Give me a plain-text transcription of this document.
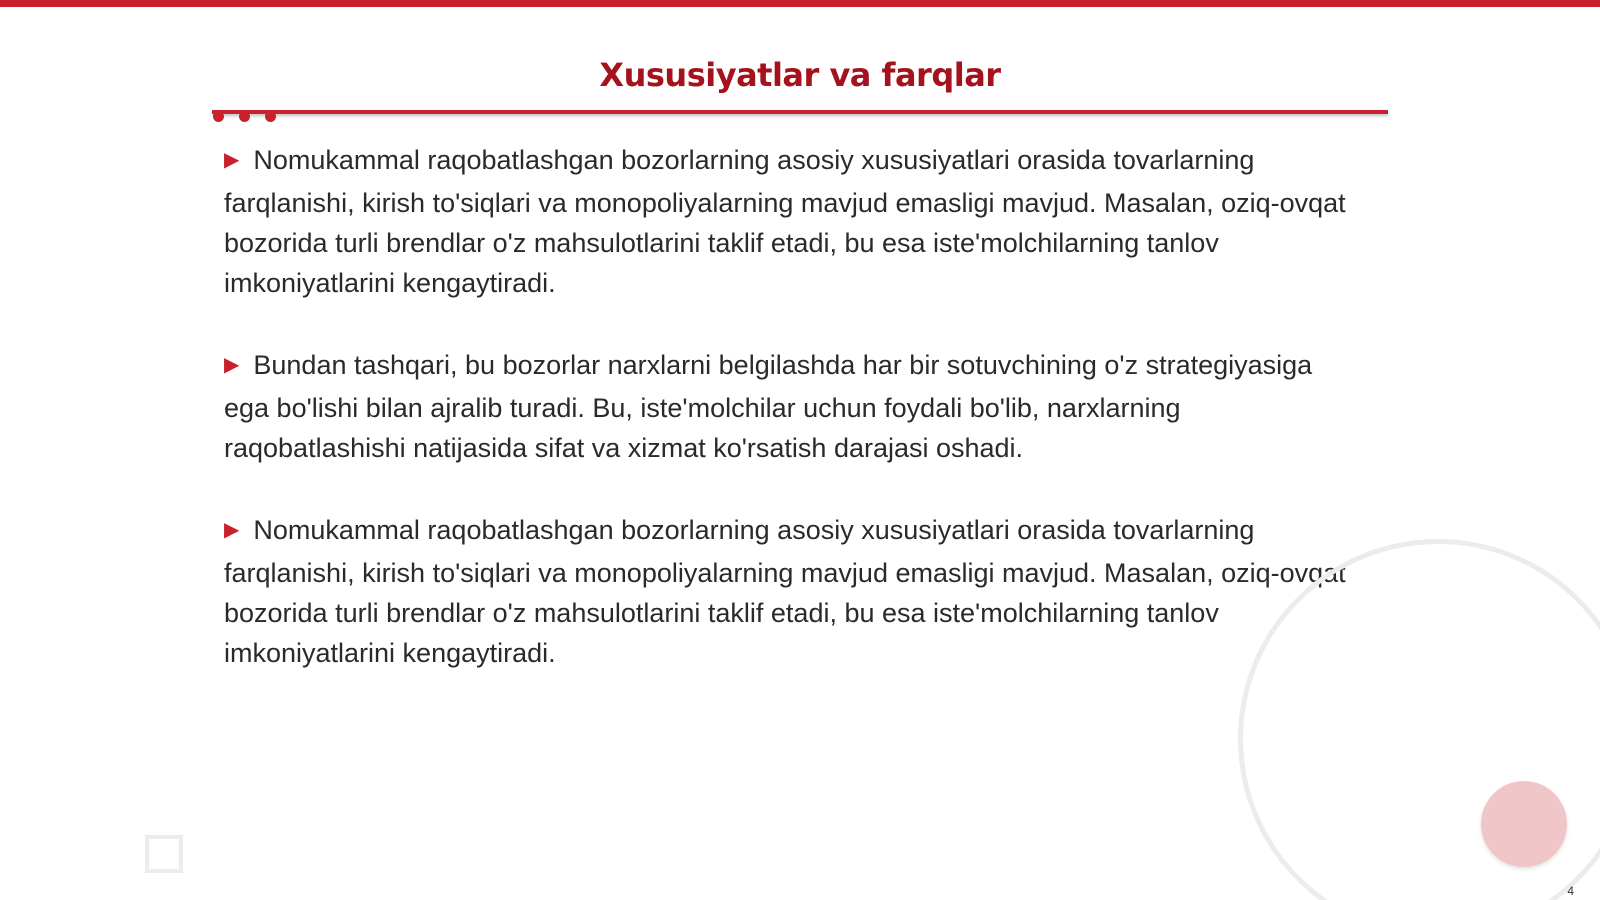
Xususiyatlar va farqlar

▶ Nomukammal raqobatlashgan bozorlarning asosiy xususiyatlari orasida tovarlarning farqlanishi, kirish to'siqlari va monopoliyalarning mavjud emasligi mavjud. Masalan, oziq-ovqat bozorida turli brendlar o'z mahsulotlarini taklif etadi, bu esa iste'molchilarning tanlov imkoniyatlarini kengaytiradi.

▶ Bundan tashqari, bu bozorlar narxlarni belgilashda har bir sotuvchining o'z strategiyasiga ega bo'lishi bilan ajralib turadi. Bu, iste'molchilar uchun foydali bo'lib, narxlarning raqobatlashishi natijasida sifat va xizmat ko'rsatish darajasi oshadi.

▶ Nomukammal raqobatlashgan bozorlarning asosiy xususiyatlari orasida tovarlarning farqlanishi, kirish to'siqlari va monopoliyalarning mavjud emasligi mavjud. Masalan, oziq-ovqat bozorida turli brendlar o'z mahsulotlarini taklif etadi, bu esa iste'molchilarning tanlov imkoniyatlarini kengaytiradi.

4
